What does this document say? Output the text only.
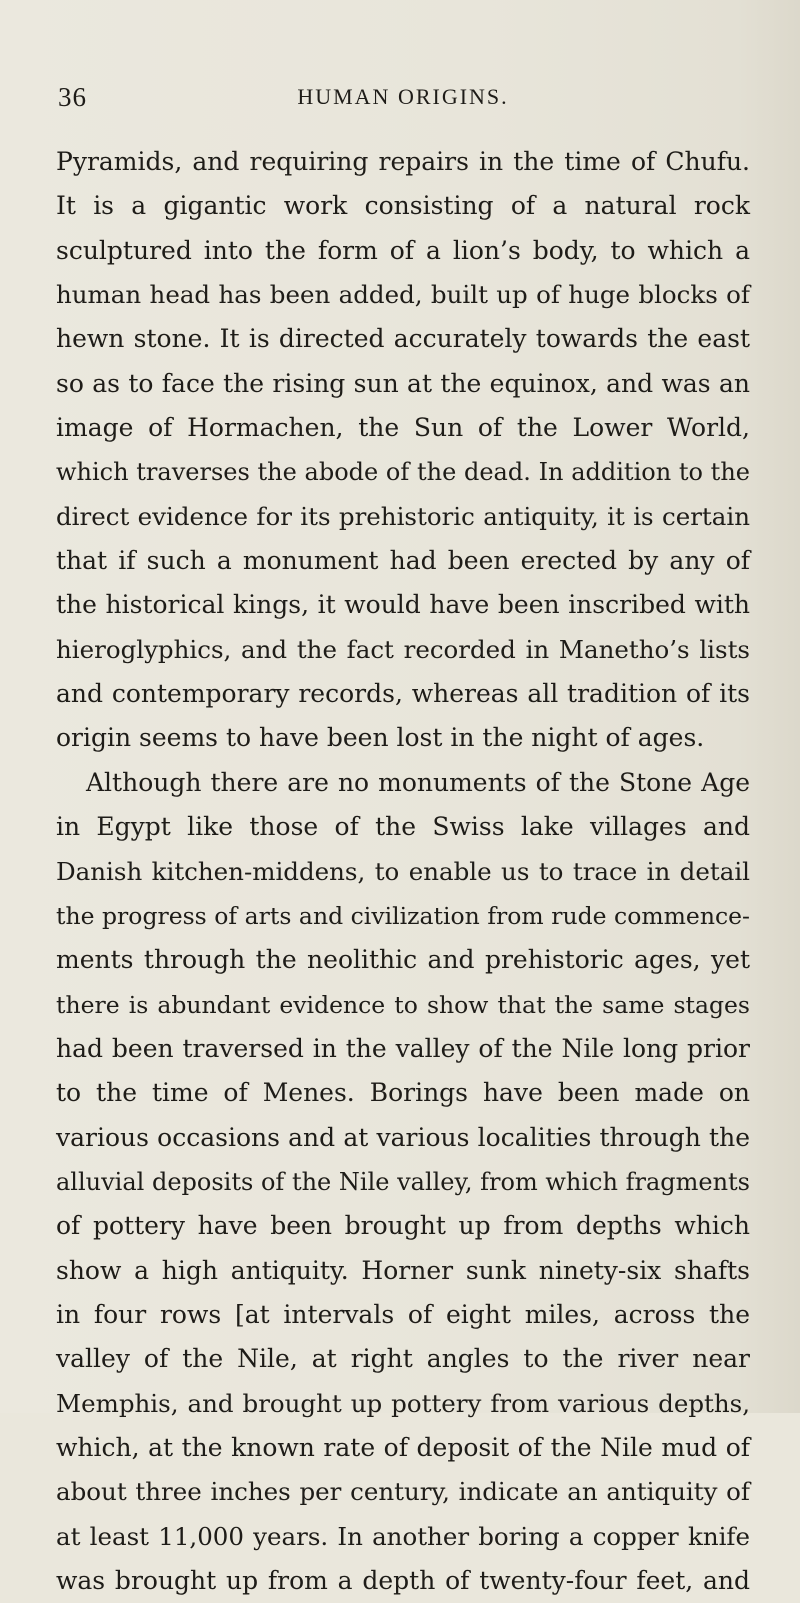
36	HUMAN ORIGINS.
Pyramids, and requiring repairs in the time of Chufu.
It is a gigantic work consisting of a natural rock
sculptured into the form of a lion’s body, to which a
human head has been added, built up of huge blocks of
hewn stone. It is directed accurately towards the east
so as to face the rising sun at the equinox, and was an
image of Hormachen, the Sun of the Lower World,
which traverses the abode of the dead. In addition to the
direct evidence for its prehistoric antiquity, it is certain
that if such a monument had been erected by any of
the historical kings, it would have been inscribed with
hieroglyphics, and the fact recorded in Manetho’s lists
and contemporary records, whereas all tradition of its
origin seems to have been lost in the night of ages.
Although there are no monuments of the Stone Age
in Egypt like those of the Swiss lake villages and
Danish kitchen-middens, to enable us to trace in detail
the progress of arts and civilization from rude commence-
ments through the neolithic and prehistoric ages, yet
there is abundant evidence to show that the same stages
had been traversed in the valley of the Nile long prior
to the time of Menes. Borings have been made on
various occasions and at various localities through the
alluvial deposits of the Nile valley, from which fragments
of pottery have been brought up from depths which
show a high antiquity. Horner sunk ninety-six shafts
in four rows [at intervals of eight miles, across the
valley of the Nile, at right angles to the river near
Memphis, and brought up pottery from various depths,
which, at the known rate of deposit of the Nile mud of
about three inches per century, indicate an antiquity of
at least 11,000 years. In another boring a copper knife
was brought up from a depth of twenty-four feet, and
